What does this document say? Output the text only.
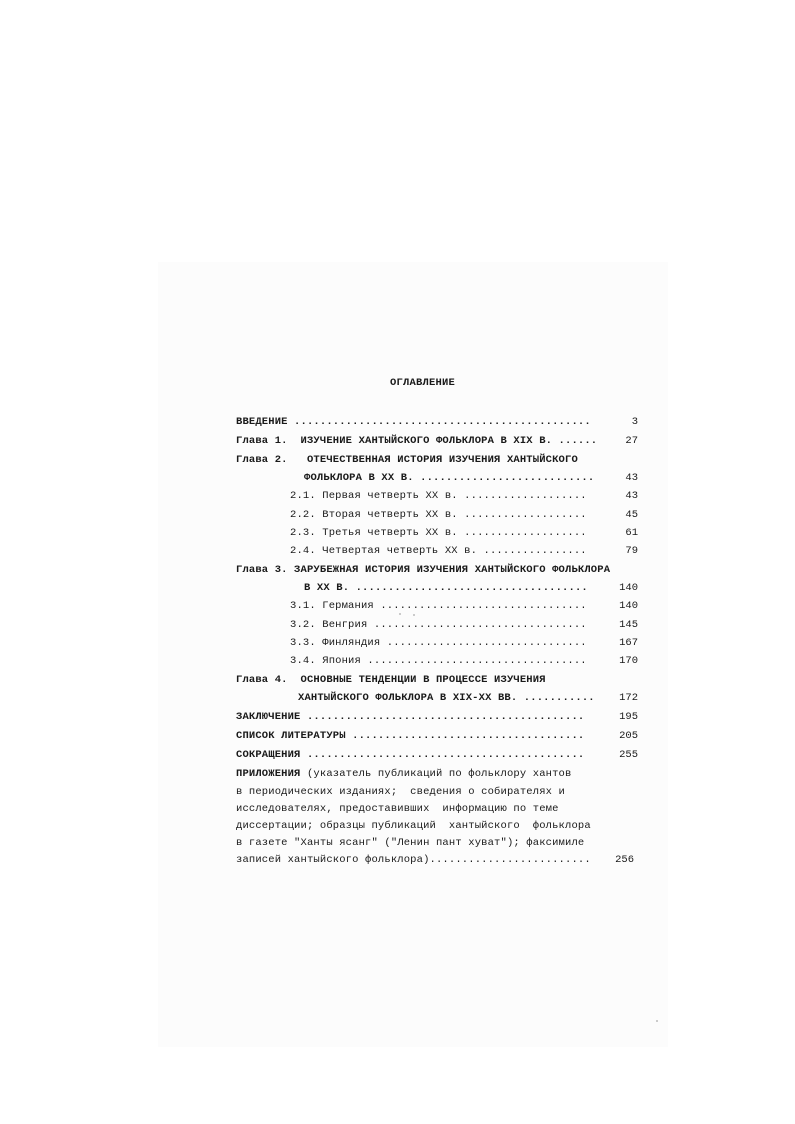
ОГЛАВЛЕНИЕ
ВВЕДЕНИЕ ..............................................	3
Глава 1.  ИЗУЧЕНИЕ ХАНТЫЙСКОГО ФОЛЬКЛОРА В XIX В. ......	27
Глава 2.   ОТЕЧЕСТВЕННАЯ ИСТОРИЯ ИЗУЧЕНИЯ ХАНТЫЙСКОГО
ФОЛЬКЛОРА В XX В. ...........................	43
2.1. Первая четверть XX в. ...................	43
2.2. Вторая четверть XX в. ...................	45
2.3. Третья четверть XX в. ...................	61
2.4. Четвертая четверть XX в. ................	79
Глава 3. ЗАРУБЕЖНАЯ ИСТОРИЯ ИЗУЧЕНИЯ ХАНТЫЙСКОГО ФОЛЬКЛОРА
В XX В. ....................................	140
3.1. Германия ................................	140
3.2. Венгрия .................................	145
3.3. Финляндия ...............................	167
3.4. Япония ..................................	170
Глава 4.  ОСНОВНЫЕ ТЕНДЕНЦИИ В ПРОЦЕССЕ ИЗУЧЕНИЯ
ХАНТЫЙСКОГО ФОЛЬКЛОРА В XIX-XX ВВ. ...........	172
ЗАКЛЮЧЕНИЕ ...........................................	195
СПИСОК ЛИТЕРАТУРЫ ....................................	205
СОКРАЩЕНИЯ ...........................................	255
ПРИЛОЖЕНИЯ (указатель публикаций по фольклору хантов
в периодических изданиях;  сведения о собирателях и
исследователях, предоставивших  информацию по теме
диссертации; образцы публикаций  хантыйского  фольклора
в газете "Ханты ясанг" ("Ленин пант хуват"); факсимиле
записей хантыйского фольклора).........................	256
